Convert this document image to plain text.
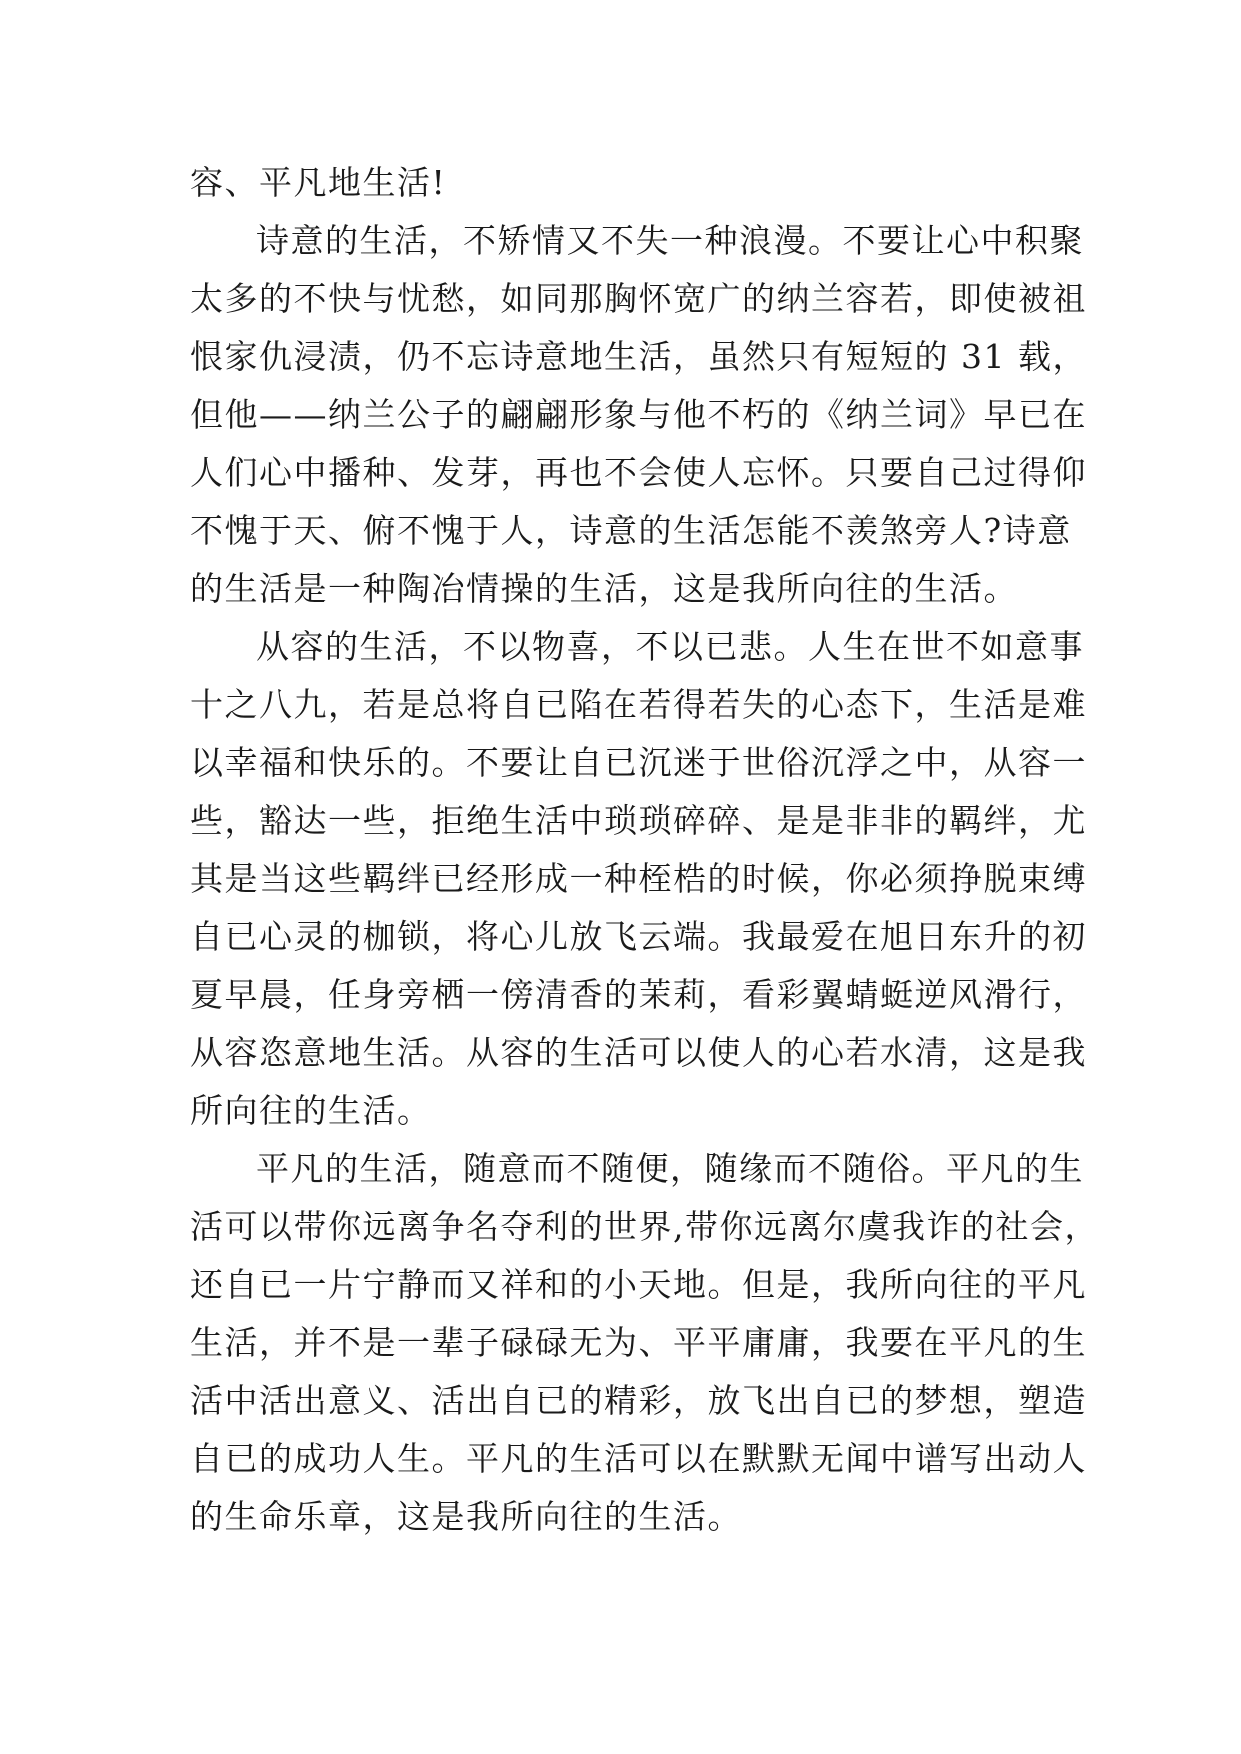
容、平凡地生活!
诗意的生活，不矫情又不失一种浪漫。不要让心中积聚
太多的不快与忧愁，如同那胸怀宽广的纳兰容若，即使被祖
恨家仇浸渍，仍不忘诗意地生活，虽然只有短短的 31 载，
但他——纳兰公子的翩翩形象与他不朽的《纳兰词》早已在
人们心中播种、发芽，再也不会使人忘怀。只要自己过得仰
不愧于天、俯不愧于人，诗意的生活怎能不羡煞旁人?诗意
的生活是一种陶冶情操的生活，这是我所向往的生活。
从容的生活，不以物喜，不以已悲。人生在世不如意事
十之八九，若是总将自已陷在若得若失的心态下，生活是难
以幸福和快乐的。不要让自已沉迷于世俗沉浮之中，从容一
些，豁达一些，拒绝生活中琐琐碎碎、是是非非的羁绊，尤
其是当这些羁绊已经形成一种桎梏的时候，你必须挣脱束缚
自已心灵的枷锁，将心儿放飞云端。我最爱在旭日东升的初
夏早晨，任身旁栖一傍清香的茉莉，看彩翼蜻蜓逆风滑行，
从容恣意地生活。从容的生活可以使人的心若水清，这是我
所向往的生活。
平凡的生活，随意而不随便，随缘而不随俗。平凡的生
活可以带你远离争名夺利的世界,带你远离尔虞我诈的社会，
还自已一片宁静而又祥和的小天地。但是，我所向往的平凡
生活，并不是一辈子碌碌无为、平平庸庸，我要在平凡的生
活中活出意义、活出自已的精彩，放飞出自已的梦想，塑造
自已的成功人生。平凡的生活可以在默默无闻中谱写出动人
的生命乐章，这是我所向往的生活。
